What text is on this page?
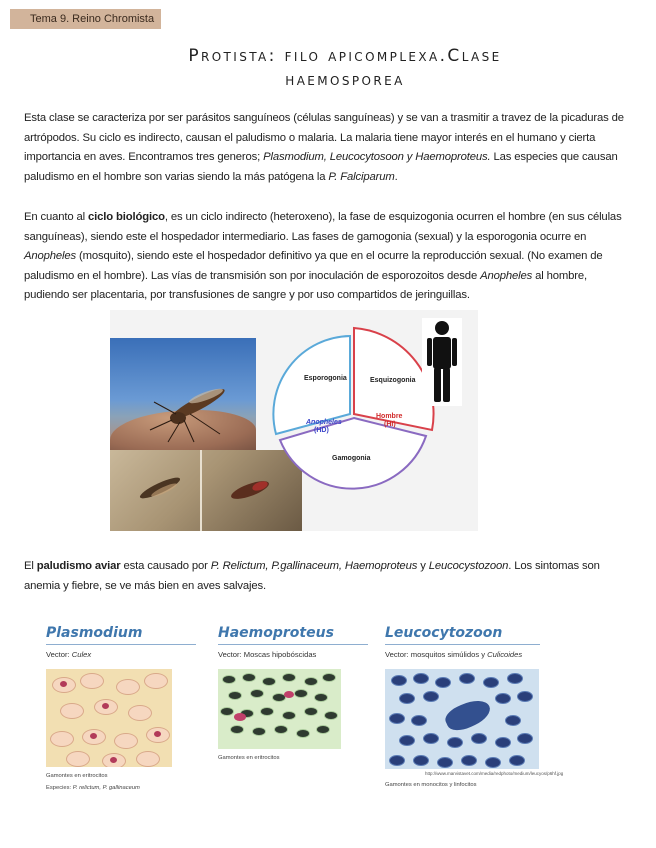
Tema 9. Reino Chromista
Protista: filo apicomplexa.Clase
haemosporea
Esta clase se caracteriza por ser parásitos sanguíneos (células sanguíneas) y se van a trasmitir a travez de la picaduras de artrópodos. Su ciclo es indirecto, causan el paludismo o malaria. La malaria tiene mayor interés en el humano y cierta importancia en aves. Encontramos tres generos; Plasmodium, Leucocytosoon y Haemoproteus. Las especies que causan paludismo en el hombre son varias siendo la más patógena la P. Falciparum.
En cuanto al ciclo biológico, es un ciclo indirecto (heteroxeno), la fase de esquizogonia ocurren el hombre (en sus células sanguíneas), siendo este el hospedador intermediario. Las fases de gamogonia (sexual) y la esporogonia ocurre en Anopheles (mosquito), siendo este el hospedador definitivo ya que en el ocurre la reproducción sexual. (No examen de paludismo en el hombre). Las vías de transmisión son por inoculación de esporozoitos desde Anopheles al hombre, pudiendo ser placentaria, por transfusiones de sangre y por uso compartidos de jeringuillas.
Esporogonia
Anopheles
(HD)
Esquizogonia
Hombre
(HI)
Gamogonia
El paludismo aviar esta causado por P. Relictum, P.gallinaceum, Haemoproteus y Leucocystozoon. Los sintomas son anemia y fiebre, se ve más bien en aves salvajes.
Plasmodium
Vector: Culex
Gamontes en eritrocitos
Especies: P. relictum, P. gallinaceum
Haemoproteus
Vector: Moscas hipobóscidas
Gamontes en eritrocitos
Leucocytozoon
Vector: mosquitos simúlidos y Culicoides
http://www.marvistavet.com/media/redphoto/medium/leucyos/p6hf.jpg
Gamontes en monocitos y linfocitos
